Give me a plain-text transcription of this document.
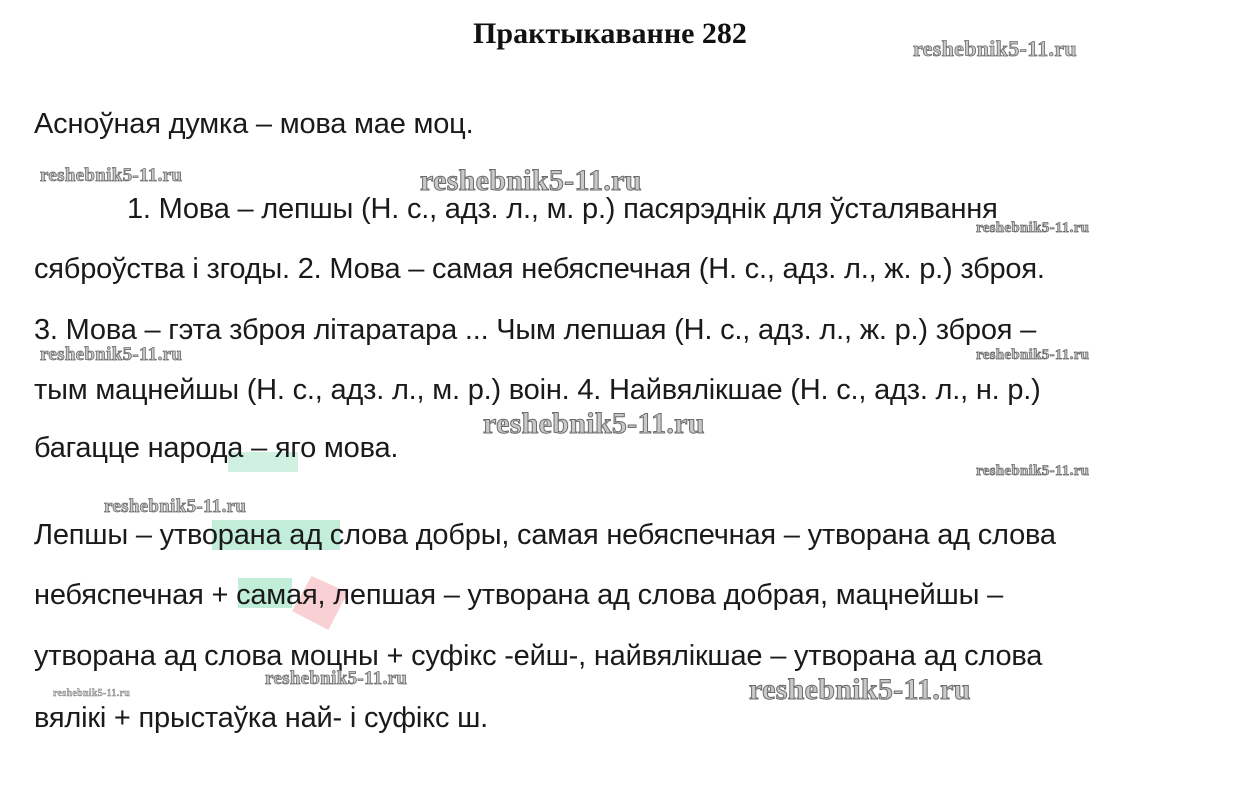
Практыкаванне 282
Асноўная думка – мова мае моц.
1. Мова – лепшы (Н. с., адз. л., м. р.) пасярэднік для ўсталявання
сяброўства і згоды. 2. Мова – самая небяспечная (Н. с., адз. л., ж. р.) зброя.
3. Мова – гэта зброя літаратара ... Чым лепшая (Н. с., адз. л., ж. р.) зброя –
тым мацнейшы (Н. с., адз. л., м. р.) воін. 4. Найвялікшае (Н. с., адз. л., н. р.)
багацце народа – яго мова.
Лепшы – утворана ад слова добры, самая небяспечная – утворана ад слова
небяспечная + самая, лепшая – утворана ад слова добрая, мацнейшы –
утворана ад слова моцны + суфікс -ейш-, найвялікшае – утворана ад слова
вялікі + прыстаўка най- і суфікс ш.
reshebnik5-11.ru
reshebnik5-11.ru	reshebnik5-11.ru
reshebnik5-11.ru
reshebnik5-11.ru	reshebnik5-11.ru
reshebnik5-11.ru
reshebnik5-11.ru
reshebnik5-11.ru
reshebnik5-11.ru
reshebnik5-11.ru	reshebnik5-11.ru
